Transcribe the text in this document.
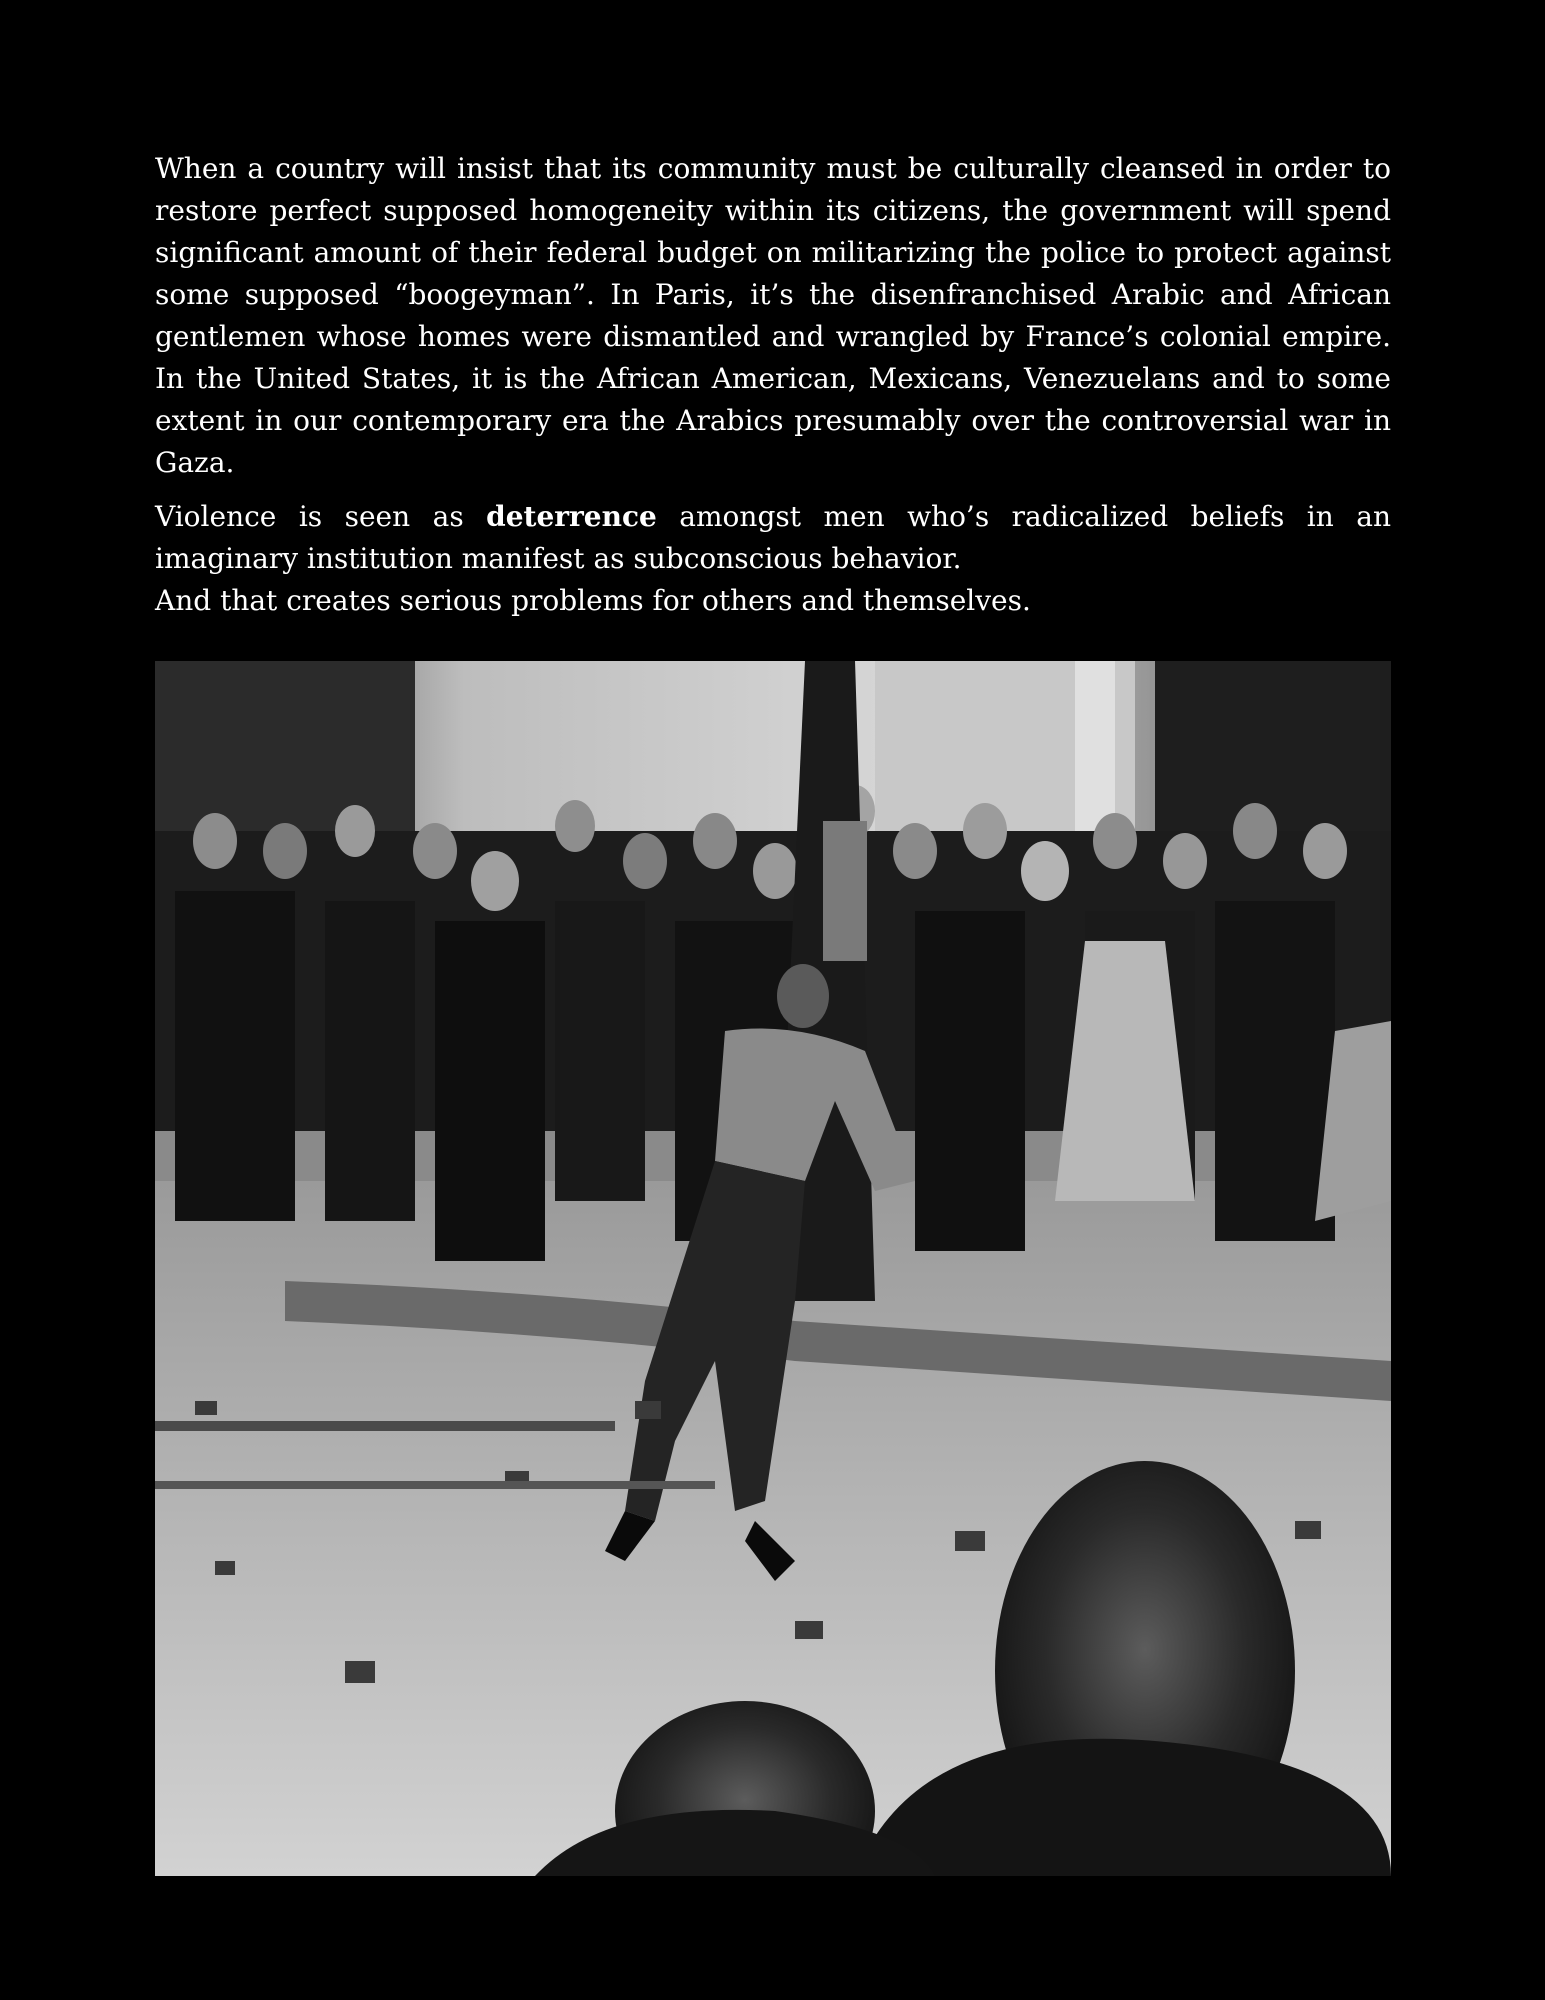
When a country will insist that its community must be culturally cleansed in order to restore perfect supposed homogeneity within its citizens, the government will spend significant amount of their federal budget on militarizing the police to protect against some supposed “boogeyman”. In Paris, it’s the disenfranchised Arabic and African gentlemen whose homes were dismantled and wrangled by France’s colonial empire. In the United States, it is the African American, Mexicans, Venezuelans and to some extent in our contemporary era the Arabics presumably over the controversial war in Gaza.

Violence is seen as deterrence amongst men who’s radicalized beliefs in an imaginary institution manifest as subconscious behavior.

And that creates serious problems for others and themselves.
